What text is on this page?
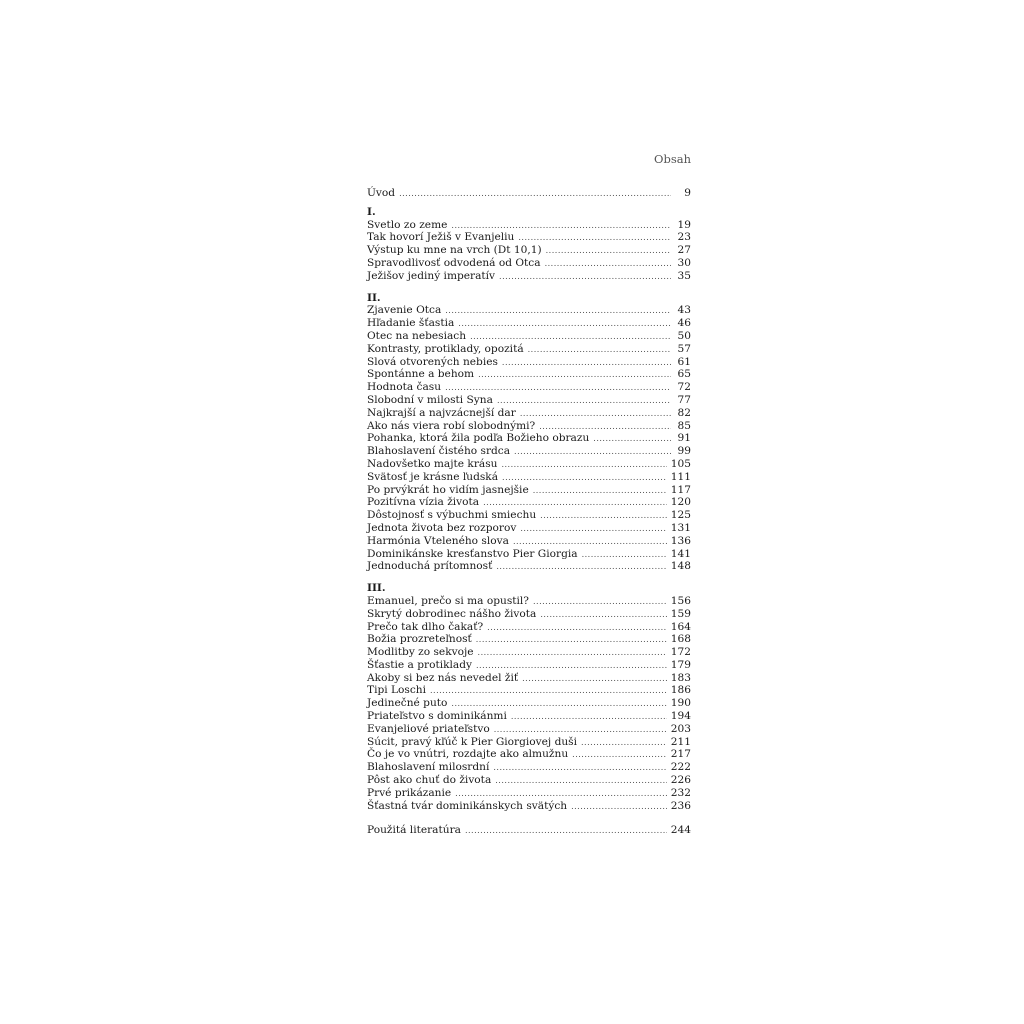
Obsah
Úvod .....	9
I.
Svetlo zo zeme .....	19
Tak hovorí Ježiš v Evanjeliu .....	23
Výstup ku mne na vrch (Dt 10,1) .....	27
Spravodlivosť odvodená od Otca .....	30
Ježišov jediný imperatív .....	35
II.
Zjavenie Otca .....	43
Hľadanie šťastia .....	46
Otec na nebesiach .....	50
Kontrasty, protiklady, opozitá .....	57
Slová otvorených nebies .....	61
Spontánne a behom .....	65
Hodnota času .....	72
Slobodní v milosti Syna .....	77
Najkrajší a najvzácnejší dar .....	82
Ako nás viera robí slobodnými? .....	85
Pohanka, ktorá žila podľa Božieho obrazu .....	91
Blahoslavení čistého srdca .....	99
Nadovšetko majte krásu .....	105
Svätosť je krásne ľudská .....	111
Po prvýkrát ho vidím jasnejšie .....	117
Pozitívna vízia života .....	120
Dôstojnosť s výbuchmi smiechu .....	125
Jednota života bez rozporov .....	131
Harmónia Vteleného slova .....	136
Dominikánske kresťanstvo Pier Giorgia .....	141
Jednoduchá prítomnosť .....	148
III.
Emanuel, prečo si ma opustil? .....	156
Skrytý dobrodinec nášho života .....	159
Prečo tak dlho čakať? .....	164
Božia prozreteľnosť .....	168
Modlitby zo sekvoje .....	172
Šťastie a protiklady .....	179
Akoby si bez nás nevedel žiť .....	183
Tipi Loschi .....	186
Jedinečné puto .....	190
Priateľstvo s dominikánmi .....	194
Evanjeliové priateľstvo .....	203
Súcit, pravý kľúč k Pier Giorgiovej duši .....	211
Čo je vo vnútri, rozdajte ako almužnu .....	217
Blahoslavení milosrdní .....	222
Pôst ako chuť do života .....	226
Prvé prikázanie .....	232
Šťastná tvár dominikánskych svätých .....	236
Použitá literatúra .....	244
